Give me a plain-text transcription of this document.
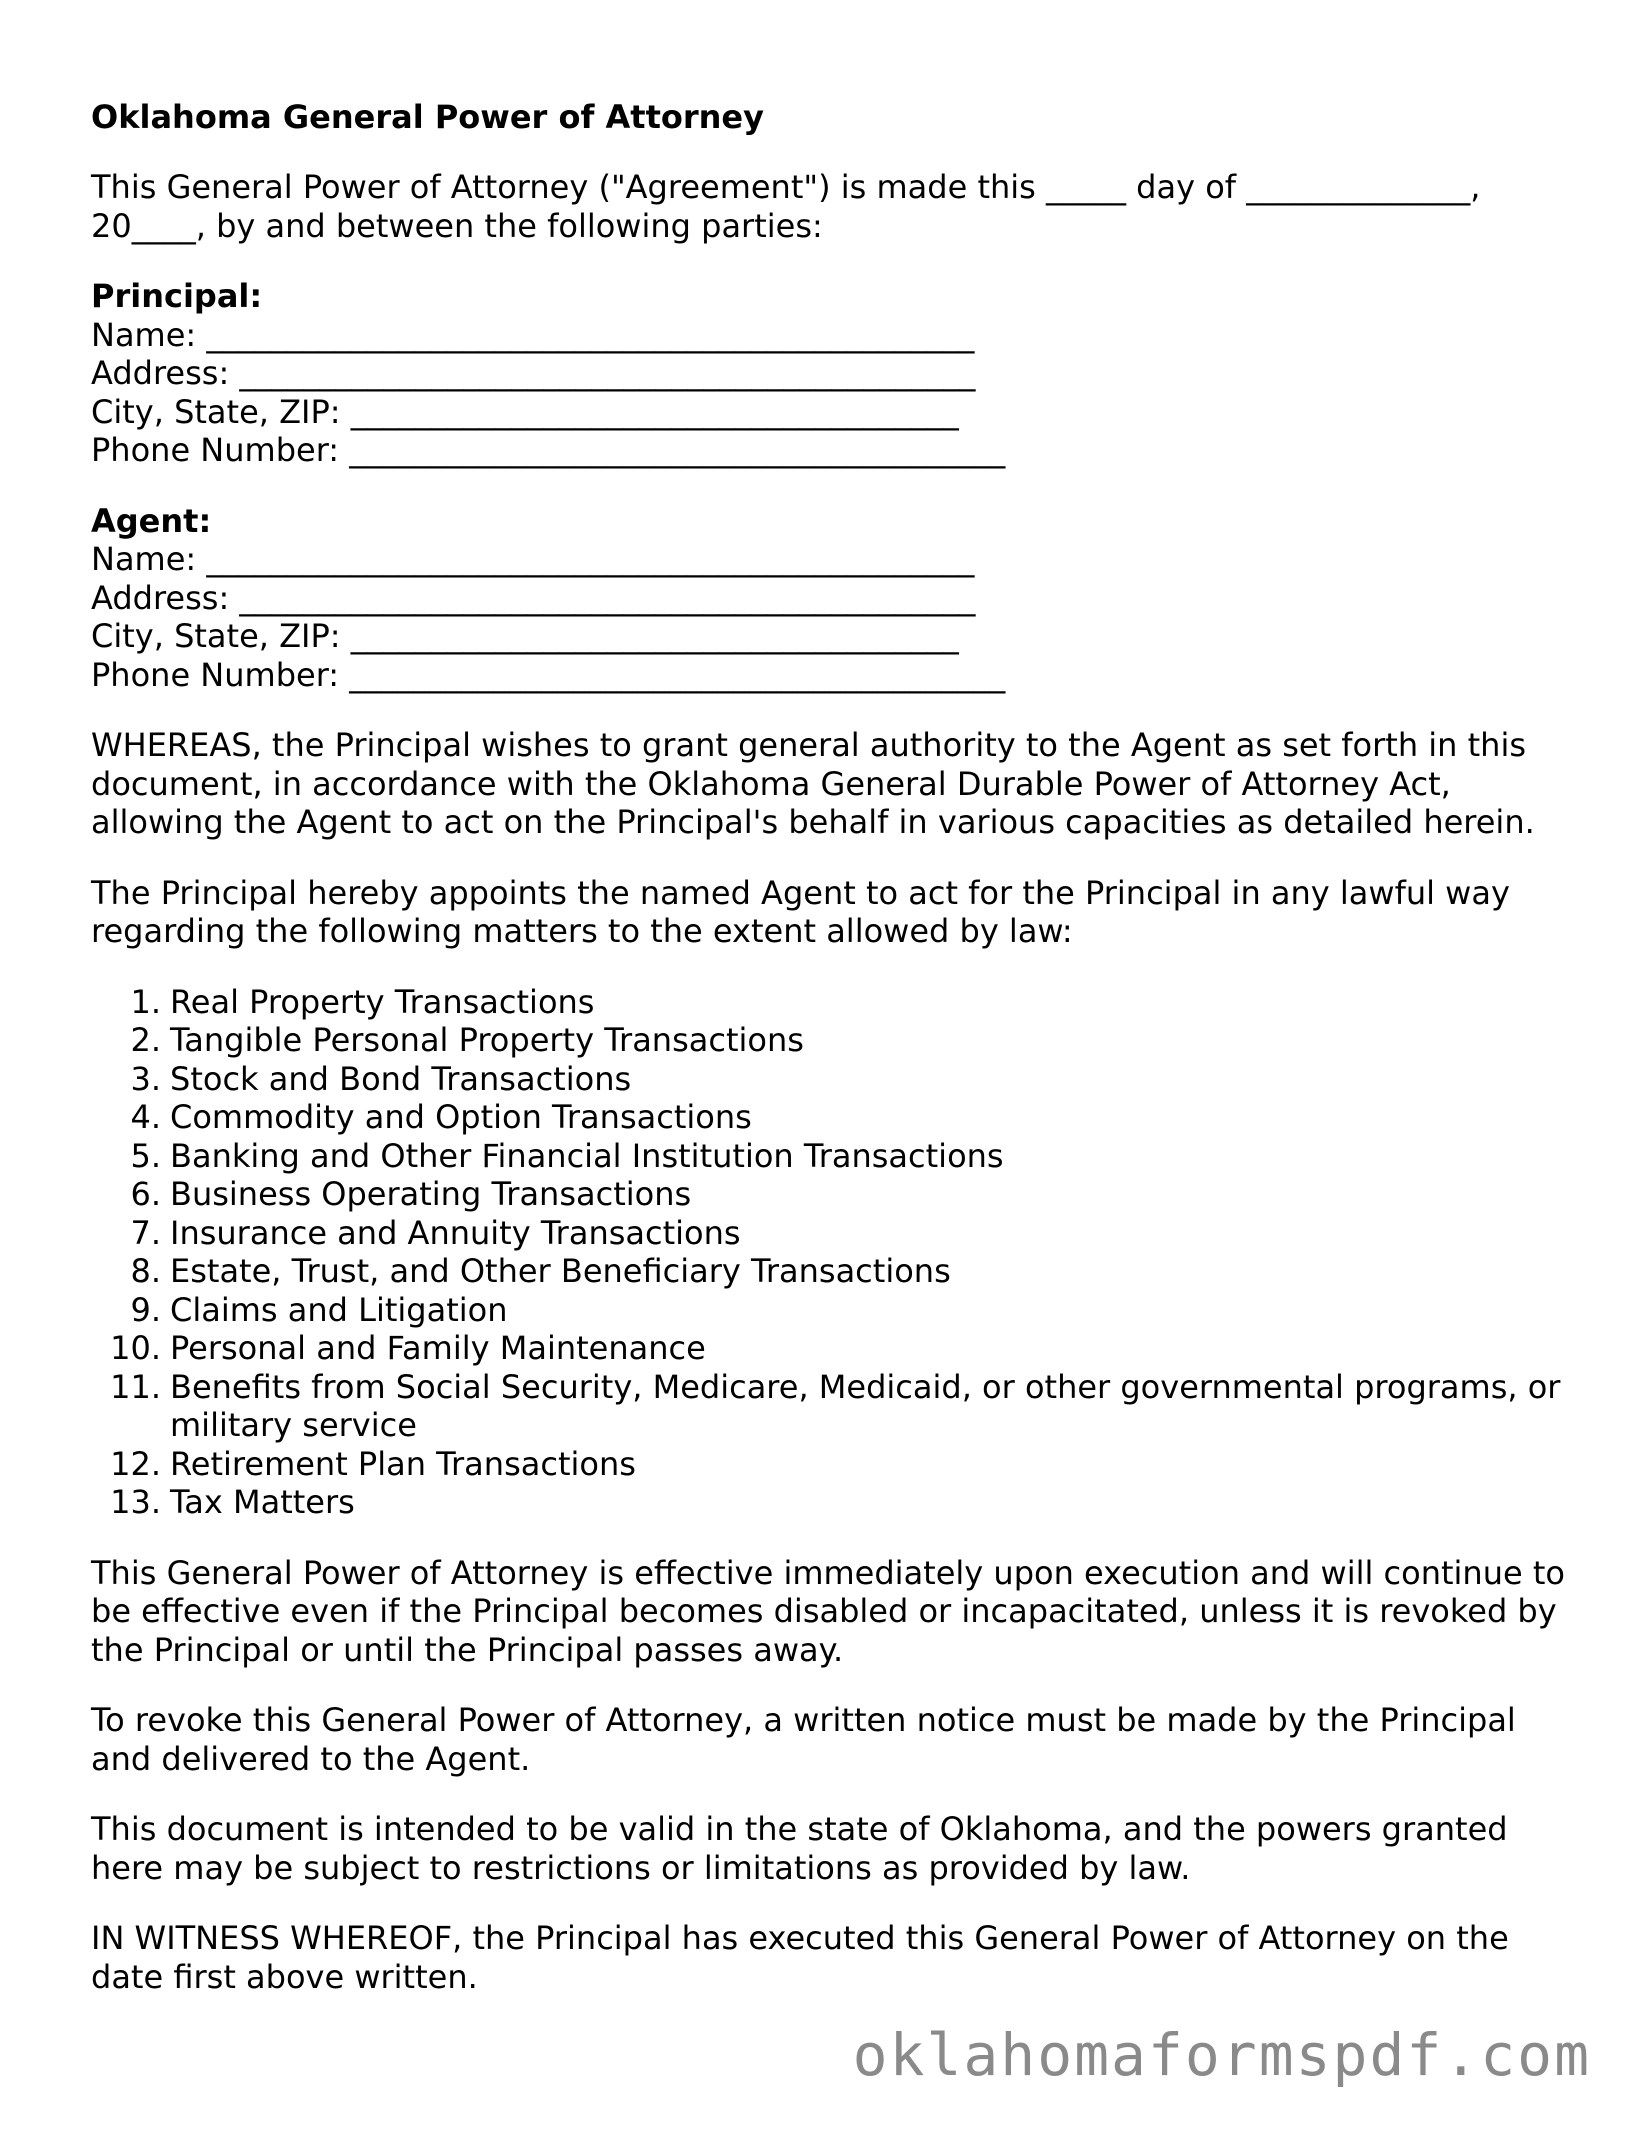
Oklahoma General Power of Attorney

This General Power of Attorney ("Agreement") is made this _____ day of ______________, 20____, by and between the following parties:

Principal:
Name: ________________________________________________
Address: ______________________________________________
City, State, ZIP: ______________________________________
Phone Number: _________________________________________
Agent:
Name: ________________________________________________
Address: ______________________________________________
City, State, ZIP: ______________________________________
Phone Number: _________________________________________

WHEREAS, the Principal wishes to grant general authority to the Agent as set forth in this document, in accordance with the Oklahoma General Durable Power of Attorney Act, allowing the Agent to act on the Principal's behalf in various capacities as detailed herein.

The Principal hereby appoints the named Agent to act for the Principal in any lawful way regarding the following matters to the extent allowed by law:

1. Real Property Transactions
2. Tangible Personal Property Transactions
3. Stock and Bond Transactions
4. Commodity and Option Transactions
5. Banking and Other Financial Institution Transactions
6. Business Operating Transactions
7. Insurance and Annuity Transactions
8. Estate, Trust, and Other Beneficiary Transactions
9. Claims and Litigation
10. Personal and Family Maintenance
11. Benefits from Social Security, Medicare, Medicaid, or other governmental programs, or military service
12. Retirement Plan Transactions
13. Tax Matters

This General Power of Attorney is effective immediately upon execution and will continue to be effective even if the Principal becomes disabled or incapacitated, unless it is revoked by the Principal or until the Principal passes away.

To revoke this General Power of Attorney, a written notice must be made by the Principal and delivered to the Agent.

This document is intended to be valid in the state of Oklahoma, and the powers granted here may be subject to restrictions or limitations as provided by law.

IN WITNESS WHEREOF, the Principal has executed this General Power of Attorney on the date first above written.

oklahomaformspdf.com
